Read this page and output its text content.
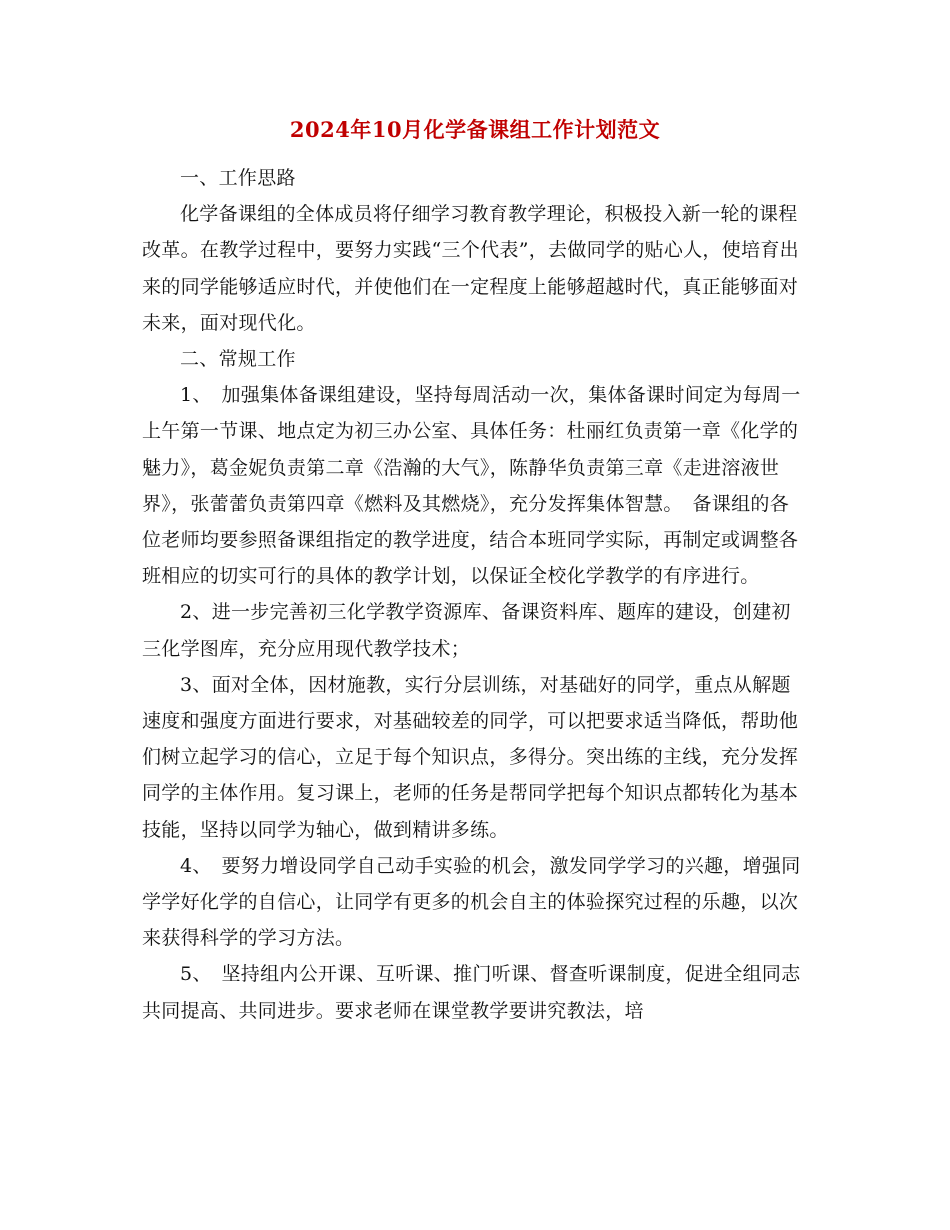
2024年10月化学备课组工作计划范文

一、工作思路

化学备课组的全体成员将仔细学习教育教学理论，积极投入新一轮的课程改革。在教学过程中，要努力实践“三个代表”，去做同学的贴心人，使培育出来的同学能够适应时代，并使他们在一定程度上能够超越时代，真正能够面对未来，面对现代化。

二、常规工作

1、　加强集体备课组建设，坚持每周活动一次，集体备课时间定为每周一上午第一节课、地点定为初三办公室、具体任务：杜丽红负责第一章《化学的魅力》，葛金妮负责第二章《浩瀚的大气》，陈静华负责第三章《走进溶液世界》，张蕾蕾负责第四章《燃料及其燃烧》，充分发挥集体智慧。　备课组的各位老师均要参照备课组指定的教学进度，结合本班同学实际，再制定或调整各班相应的切实可行的具体的教学计划，以保证全校化学教学的有序进行。

2、进一步完善初三化学教学资源库、备课资料库、题库的建设，创建初三化学图库，充分应用现代教学技术；

3、面对全体，因材施教，实行分层训练，对基础好的同学，重点从解题速度和强度方面进行要求，对基础较差的同学，可以把要求适当降低，帮助他们树立起学习的信心，立足于每个知识点，多得分。突出练的主线，充分发挥同学的主体作用。复习课上，老师的任务是帮同学把每个知识点都转化为基本技能，坚持以同学为轴心，做到精讲多练。

4、　要努力增设同学自己动手实验的机会，激发同学学习的兴趣，增强同学学好化学的自信心，让同学有更多的机会自主的体验探究过程的乐趣，以次来获得科学的学习方法。

5、　坚持组内公开课、互听课、推门听课、督查听课制度，促进全组同志共同提高、共同进步。要求老师在课堂教学要讲究教法，培
